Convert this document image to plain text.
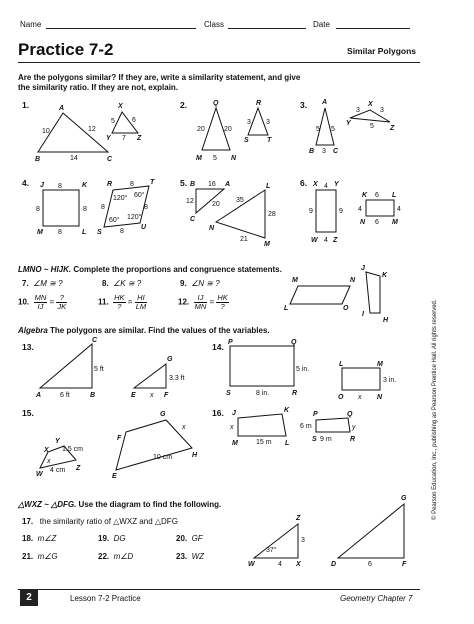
Name	Class	Date
Practice 7-2	Similar Polygons
Are the polygons similar? If they are, write a similarity statement, and give the similarity ratio. If they are not, explain.
1.	2.	3.
4.	5.	6.
LMNO ~ HIJK. Complete the proportions and congruence statements.
7. ∠M ≅ ?	8. ∠K ≅ ?	9. ∠N ≅ ?
10. $\frac{MN}{IJ} = \frac{?}{JK}$	11. $\frac{HK}{?} = \frac{HI}{LM}$	12. $\frac{IJ}{MN} = \frac{HK}{?}$
Algebra The polygons are similar. Find the values of the variables.
13.	14.
15.	16.
△WXZ ~ △DFG. Use the diagram to find the following.
17. the similarity ratio of △WXZ and △DFG
18. m∠Z	19. DG	20. GF
21. m∠G	22. m∠D	23. WZ
© Pearson Education, Inc., publishing as Pearson Prentice Hall. All rights reserved.
2	Lesson 7-2 Practice	Geometry Chapter 7
A
B	C
10	12
14
X
Y	Z
5 6
7
Q
M	N
20	20
5
R
S	T
3 3
A
B	C
5 5
3
X
Y
Z
3	3
5
J	K
M	L
8
8	8
8
R	T
U
S
8
8	8
8
120° 60°
60° 120°
B	A
C
16
12	20
L
N
M
35
28
21
X Y
W Z
4
9	9
4
K	L
N	M
6
4	4
6
M	N
L	O
J
K
I
H
C
A	B
5 ft
6 ft
G
E	F
3.3 ft
x
P	Q
S	R
5 in.
8 in.
L	M
O	N
3 in.
x
Y
1.5 cm
X
W
4 cm Z
x
G
x
F
H
E
10 cm
J	K
M	L
x
15 m
P	Q
6 m
S 9 m	R
y
Z
W	X
37°
3
4
G
D	F
6
